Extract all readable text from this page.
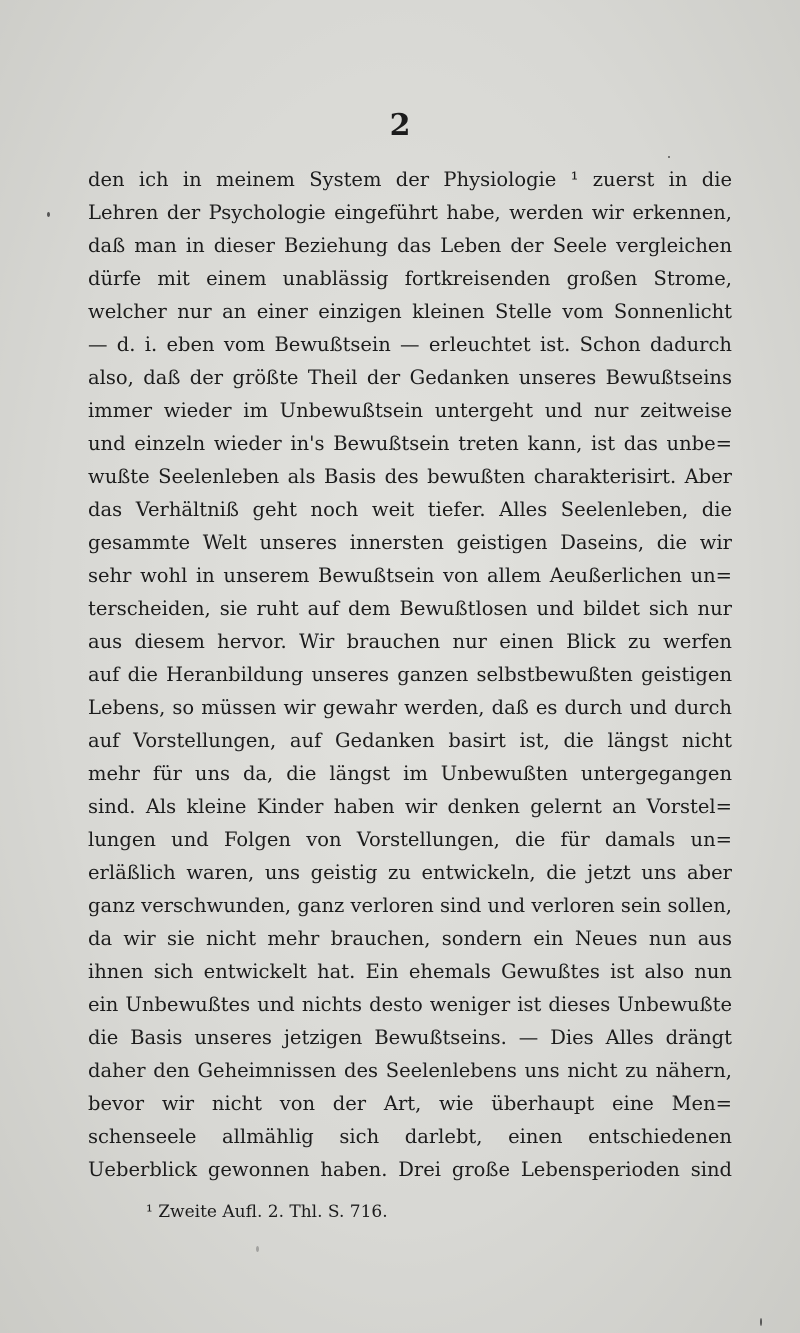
2
den ich in meinem System der Physiologie ¹ zuerst in die
Lehren der Psychologie eingeführt habe, werden wir erkennen,
daß man in dieser Beziehung das Leben der Seele vergleichen
dürfe mit einem unablässig fortkreisenden großen Strome,
welcher nur an einer einzigen kleinen Stelle vom Sonnenlicht
— d. i. eben vom Bewußtsein — erleuchtet ist. Schon dadurch
also, daß der größte Theil der Gedanken unseres Bewußtseins
immer wieder im Unbewußtsein untergeht und nur zeitweise
und einzeln wieder in's Bewußtsein treten kann, ist das unbe=
wußte Seelenleben als Basis des bewußten charakterisirt. Aber
das Verhältniß geht noch weit tiefer. Alles Seelenleben, die
gesammte Welt unseres innersten geistigen Daseins, die wir
sehr wohl in unserem Bewußtsein von allem Aeußerlichen un=
terscheiden, sie ruht auf dem Bewußtlosen und bildet sich nur
aus diesem hervor. Wir brauchen nur einen Blick zu werfen
auf die Heranbildung unseres ganzen selbstbewußten geistigen
Lebens, so müssen wir gewahr werden, daß es durch und durch
auf Vorstellungen, auf Gedanken basirt ist, die längst nicht
mehr für uns da, die längst im Unbewußten untergegangen
sind. Als kleine Kinder haben wir denken gelernt an Vorstel=
lungen und Folgen von Vorstellungen, die für damals un=
erläßlich waren, uns geistig zu entwickeln, die jetzt uns aber
ganz verschwunden, ganz verloren sind und verloren sein sollen,
da wir sie nicht mehr brauchen, sondern ein Neues nun aus
ihnen sich entwickelt hat. Ein ehemals Gewußtes ist also nun
ein Unbewußtes und nichts desto weniger ist dieses Unbewußte
die Basis unseres jetzigen Bewußtseins. — Dies Alles drängt
daher den Geheimnissen des Seelenlebens uns nicht zu nähern,
bevor wir nicht von der Art, wie überhaupt eine Men=
schenseele allmählig sich darlebt, einen entschiedenen
Ueberblick gewonnen haben. Drei große Lebensperioden sind
¹ Zweite Aufl. 2. Thl. S. 716.
